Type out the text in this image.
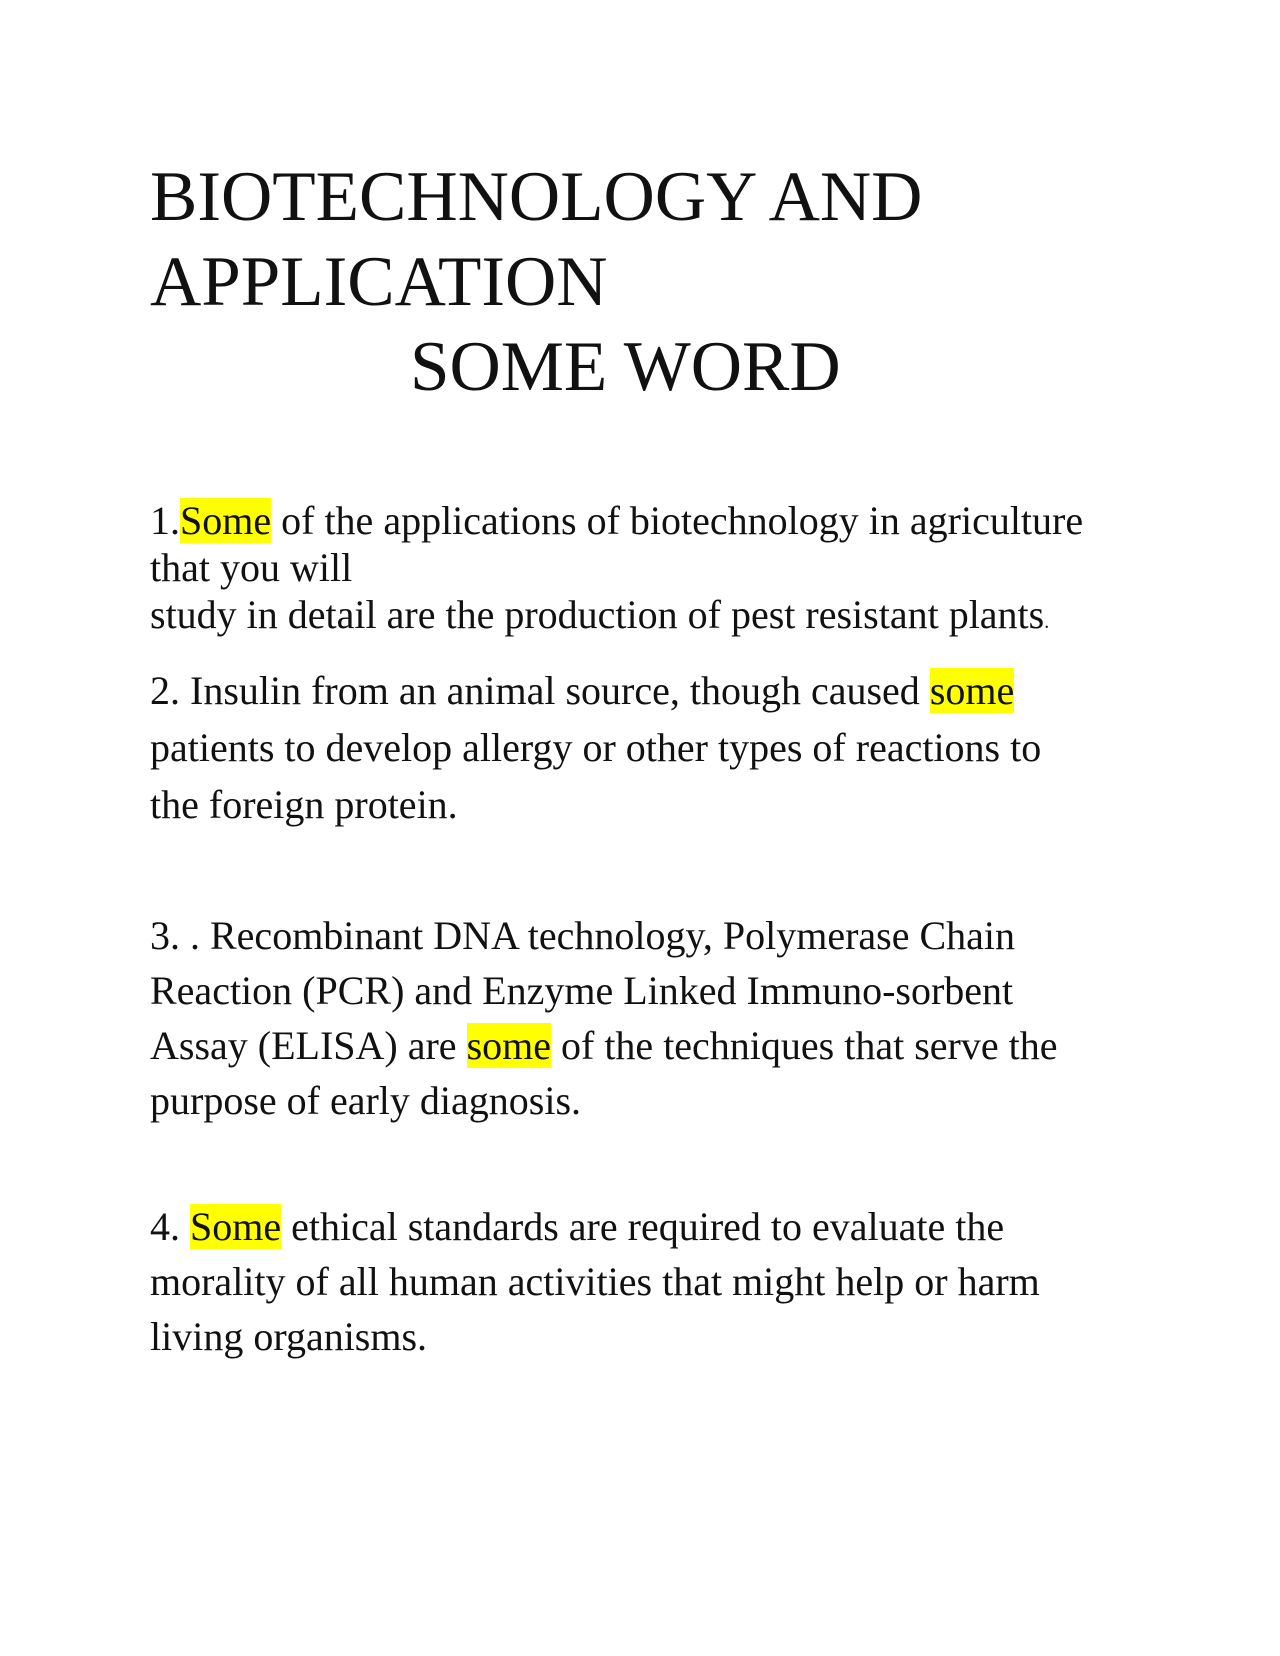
BIOTECHNOLOGY AND
APPLICATION
SOME WORD

1.Some of the applications of biotechnology in agriculture
that you will
study in detail are the production of pest resistant plants.

2. Insulin from an animal source, though caused some
patients to develop allergy or other types of reactions to
the foreign protein.

3. . Recombinant DNA technology, Polymerase Chain
Reaction (PCR) and Enzyme Linked Immuno-sorbent
Assay (ELISA) are some of the techniques that serve the
purpose of early diagnosis.

4. Some ethical standards are required to evaluate the
morality of all human activities that might help or harm
living organisms.
